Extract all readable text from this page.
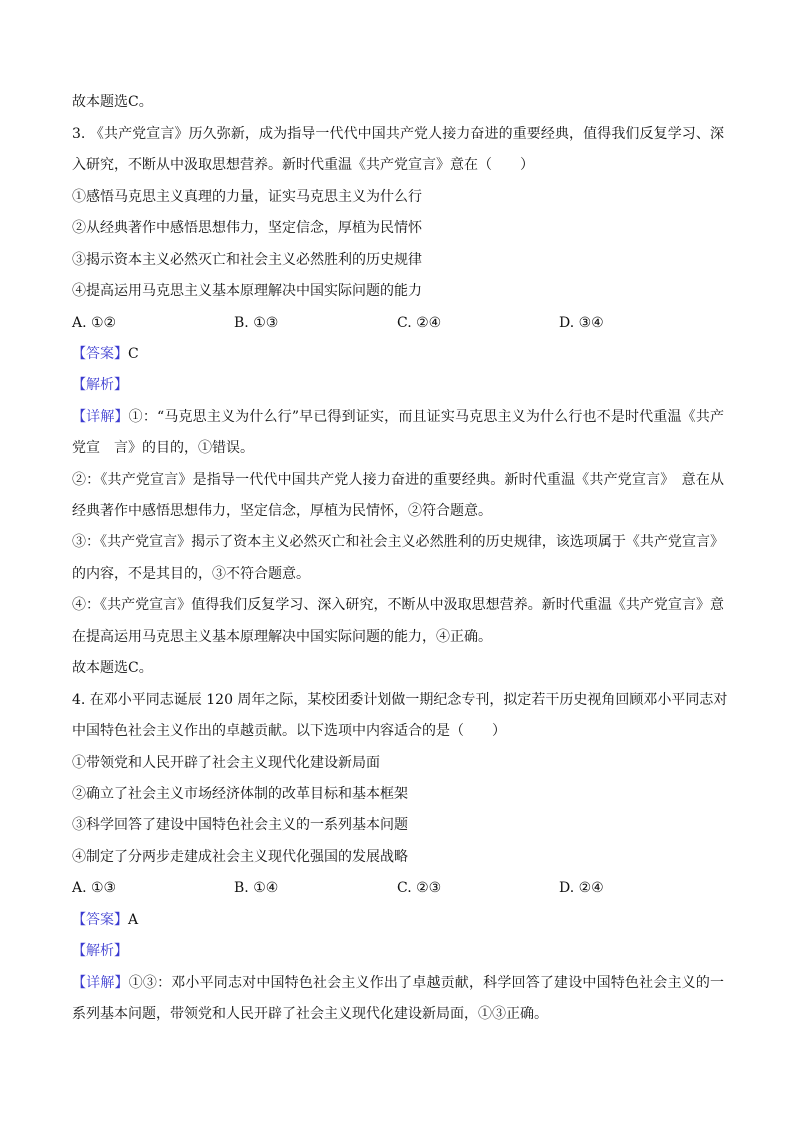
故本题选C。
3. 《共产党宣言》历久弥新，成为指导一代代中国共产党人接力奋进的重要经典，值得我们反复学习、深
入研究，不断从中汲取思想营养。新时代重温《共产党宣言》意在（　　）
①感悟马克思主义真理的力量，证实马克思主义为什么行
②从经典著作中感悟思想伟力，坚定信念，厚植为民情怀
③揭示资本主义必然灭亡和社会主义必然胜利的历史规律
④提高运用马克思主义基本原理解决中国实际问题的能力
A. ①②	B. ①③	C. ②④	D. ③④
【答案】C
【解析】
【详解】①：“马克思主义为什么行”早已得到证实，而且证实马克思主义为什么行也不是时代重温《共产
党宣　言》的目的，①错误。
②：《共产党宣言》是指导一代代中国共产党人接力奋进的重要经典。新时代重温《共产党宣言》　意在从
经典著作中感悟思想伟力，坚定信念，厚植为民情怀，②符合题意。
③：《共产党宣言》揭示了资本主义必然灭亡和社会主义必然胜利的历史规律，该选项属于《共产党宣言》
的内容，不是其目的，③不符合题意。
④：《共产党宣言》值得我们反复学习、深入研究，不断从中汲取思想营养。新时代重温《共产党宣言》意
在提高运用马克思主义基本原理解决中国实际问题的能力，④正确。
故本题选C。
4. 在邓小平同志诞辰 120 周年之际，某校团委计划做一期纪念专刊，拟定若干历史视角回顾邓小平同志对
中国特色社会主义作出的卓越贡献。以下选项中内容适合的是（　　）
①带领党和人民开辟了社会主义现代化建设新局面
②确立了社会主义市场经济体制的改革目标和基本框架
③科学回答了建设中国特色社会主义的一系列基本问题
④制定了分两步走建成社会主义现代化强国的发展战略
A. ①③	B. ①④	C. ②③	D. ②④
【答案】A
【解析】
【详解】①③：邓小平同志对中国特色社会主义作出了卓越贡献，科学回答了建设中国特色社会主义的一
系列基本问题，带领党和人民开辟了社会主义现代化建设新局面，①③正确。
